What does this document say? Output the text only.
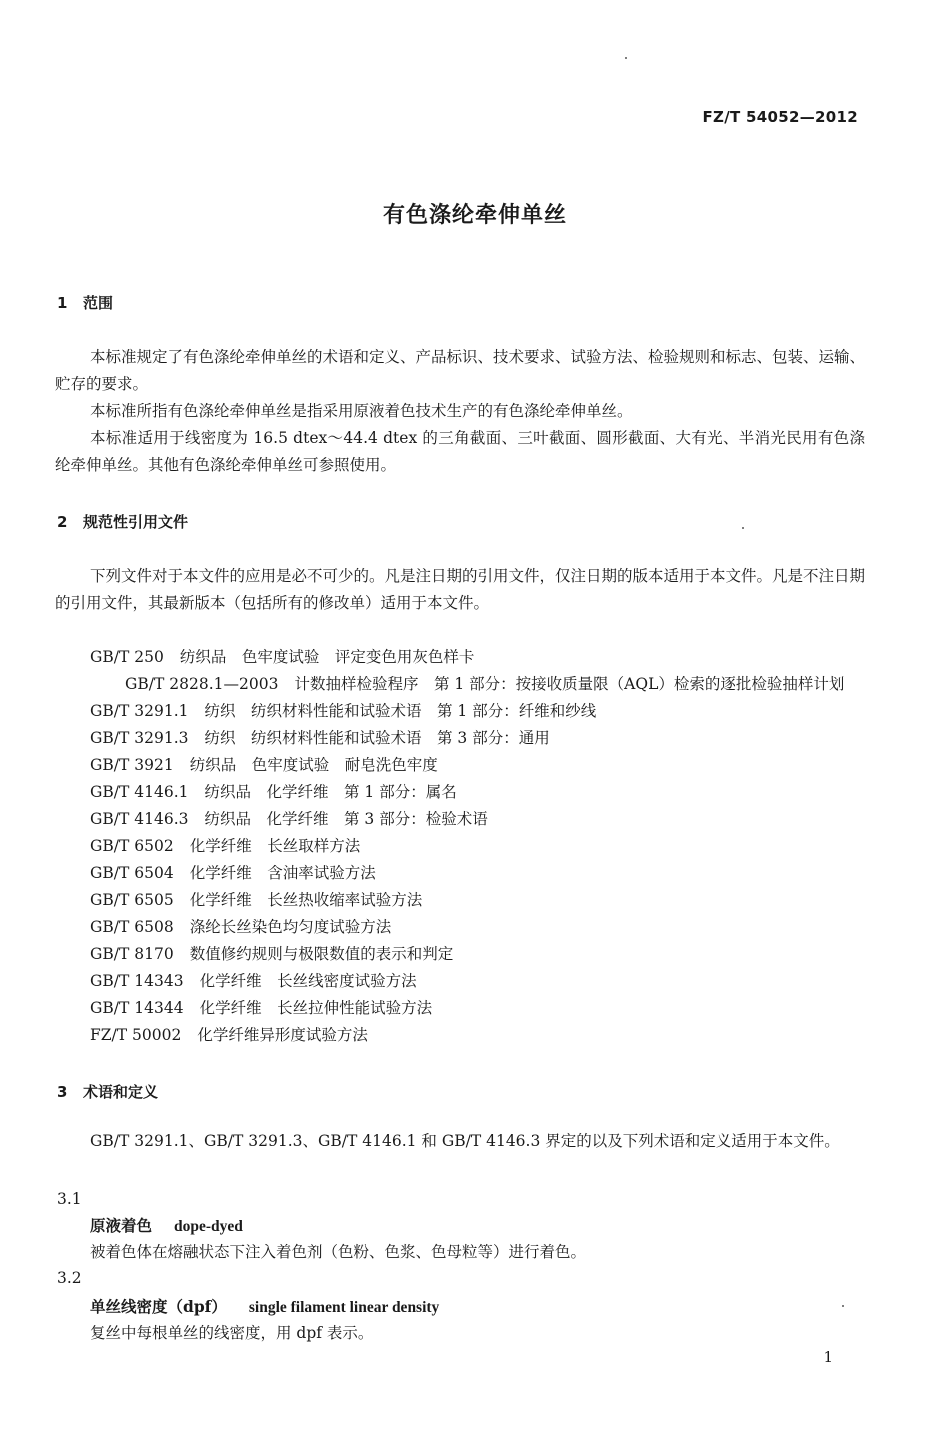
FZ/T 54052—2012
有色涤纶牵伸单丝
1 范围
本标准规定了有色涤纶牵伸单丝的术语和定义、产品标识、技术要求、试验方法、检验规则和标志、包装、运输、贮存的要求。
本标准所指有色涤纶牵伸单丝是指采用原液着色技术生产的有色涤纶牵伸单丝。
本标准适用于线密度为 16.5 dtex～44.4 dtex 的三角截面、三叶截面、圆形截面、大有光、半消光民用有色涤纶牵伸单丝。其他有色涤纶牵伸单丝可参照使用。
2 规范性引用文件
下列文件对于本文件的应用是必不可少的。凡是注日期的引用文件，仅注日期的版本适用于本文件。凡是不注日期的引用文件，其最新版本（包括所有的修改单）适用于本文件。
GB/T 250 纺织品　色牢度试验　评定变色用灰色样卡
GB/T 2828.1—2003 计数抽样检验程序　第 1 部分：按接收质量限（AQL）检索的逐批检验抽样计划
GB/T 3291.1 纺织　纺织材料性能和试验术语　第 1 部分：纤维和纱线
GB/T 3291.3 纺织　纺织材料性能和试验术语　第 3 部分：通用
GB/T 3921 纺织品　色牢度试验　耐皂洗色牢度
GB/T 4146.1 纺织品　化学纤维　第 1 部分：属名
GB/T 4146.3 纺织品　化学纤维　第 3 部分：检验术语
GB/T 6502 化学纤维　长丝取样方法
GB/T 6504 化学纤维　含油率试验方法
GB/T 6505 化学纤维　长丝热收缩率试验方法
GB/T 6508 涤纶长丝染色均匀度试验方法
GB/T 8170 数值修约规则与极限数值的表示和判定
GB/T 14343 化学纤维　长丝线密度试验方法
GB/T 14344 化学纤维　长丝拉伸性能试验方法
FZ/T 50002 化学纤维异形度试验方法
3 术语和定义
GB/T 3291.1、GB/T 3291.3、GB/T 4146.1 和 GB/T 4146.3 界定的以及下列术语和定义适用于本文件。
3.1
原液着色 dope-dyed
被着色体在熔融状态下注入着色剂（色粉、色浆、色母粒等）进行着色。
3.2
单丝线密度（dpf） single filament linear density
复丝中每根单丝的线密度，用 dpf 表示。
1
